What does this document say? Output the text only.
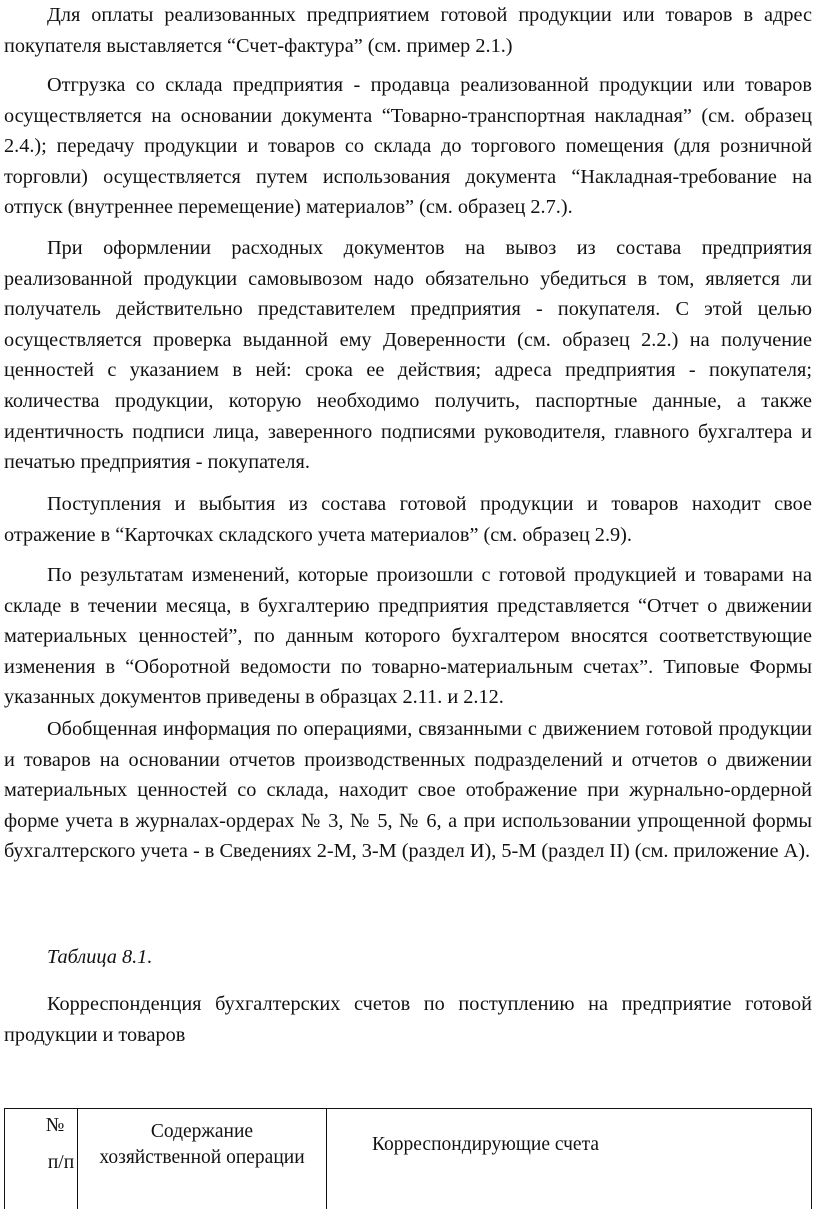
Для оплаты реализованных предприятием готовой продукции или товаров в адрес покупателя выставляется “Счет-фактура” (см. пример 2.1.)

Отгрузка со склада предприятия - продавца реализованной продукции или товаров осуществляется на основании документа “Товарно-транспортная накладная” (см. образец 2.4.); передачу продукции и товаров со склада до торгового помещения (для розничной торговли) осуществляется путем использования документа “Накладная-требование на отпуск (внутреннее перемещение) материалов” (см. образец 2.7.).

При оформлении расходных документов на вывоз из состава предприятия реализованной продукции самовывозом надо обязательно убедиться в том, является ли получатель действительно представителем предприятия - покупателя. С этой целью осуществляется проверка выданной ему Доверенности (см. образец 2.2.) на получение ценностей с указанием в ней: срока ее действия; адреса предприятия - покупателя; количества продукции, которую необходимо получить, паспортные данные, а также идентичность подписи лица, заверенного подписями руководителя, главного бухгалтера и печатью предприятия - покупателя.

Поступления и выбытия из состава готовой продукции и товаров находит свое отражение в “Карточках складского учета материалов” (см. образец 2.9).

По результатам изменений, которые произошли с готовой продукцией и товарами на складе в течении месяца, в бухгалтерию предприятия представляется “Отчет о движении материальных ценностей”, по данным которого бухгалтером вносятся соответствующие изменения в “Оборотной ведомости по товарно-материальным счетах”. Типовые Формы указанных документов приведены в образцах 2.11. и 2.12.

Обобщенная информация по операциями, связанными с движением готовой продукции и товаров на основании отчетов производственных подразделений и отчетов о движении материальных ценностей со склада, находит свое отображение при журнально-ордерной форме учета в журналах-ордерах № 3, № 5, № 6, а при использовании упрощенной формы бухгалтерского учета - в Сведениях 2-М, 3-М (раздел И), 5-М (раздел II) (см. приложение А).

Таблица 8.1.

Корреспонденция бухгалтерских счетов по поступлению на предприятие готовой продукции и товаров

№

п/п

Содержание

хозяйственной операции

Корреспондирующие счета
